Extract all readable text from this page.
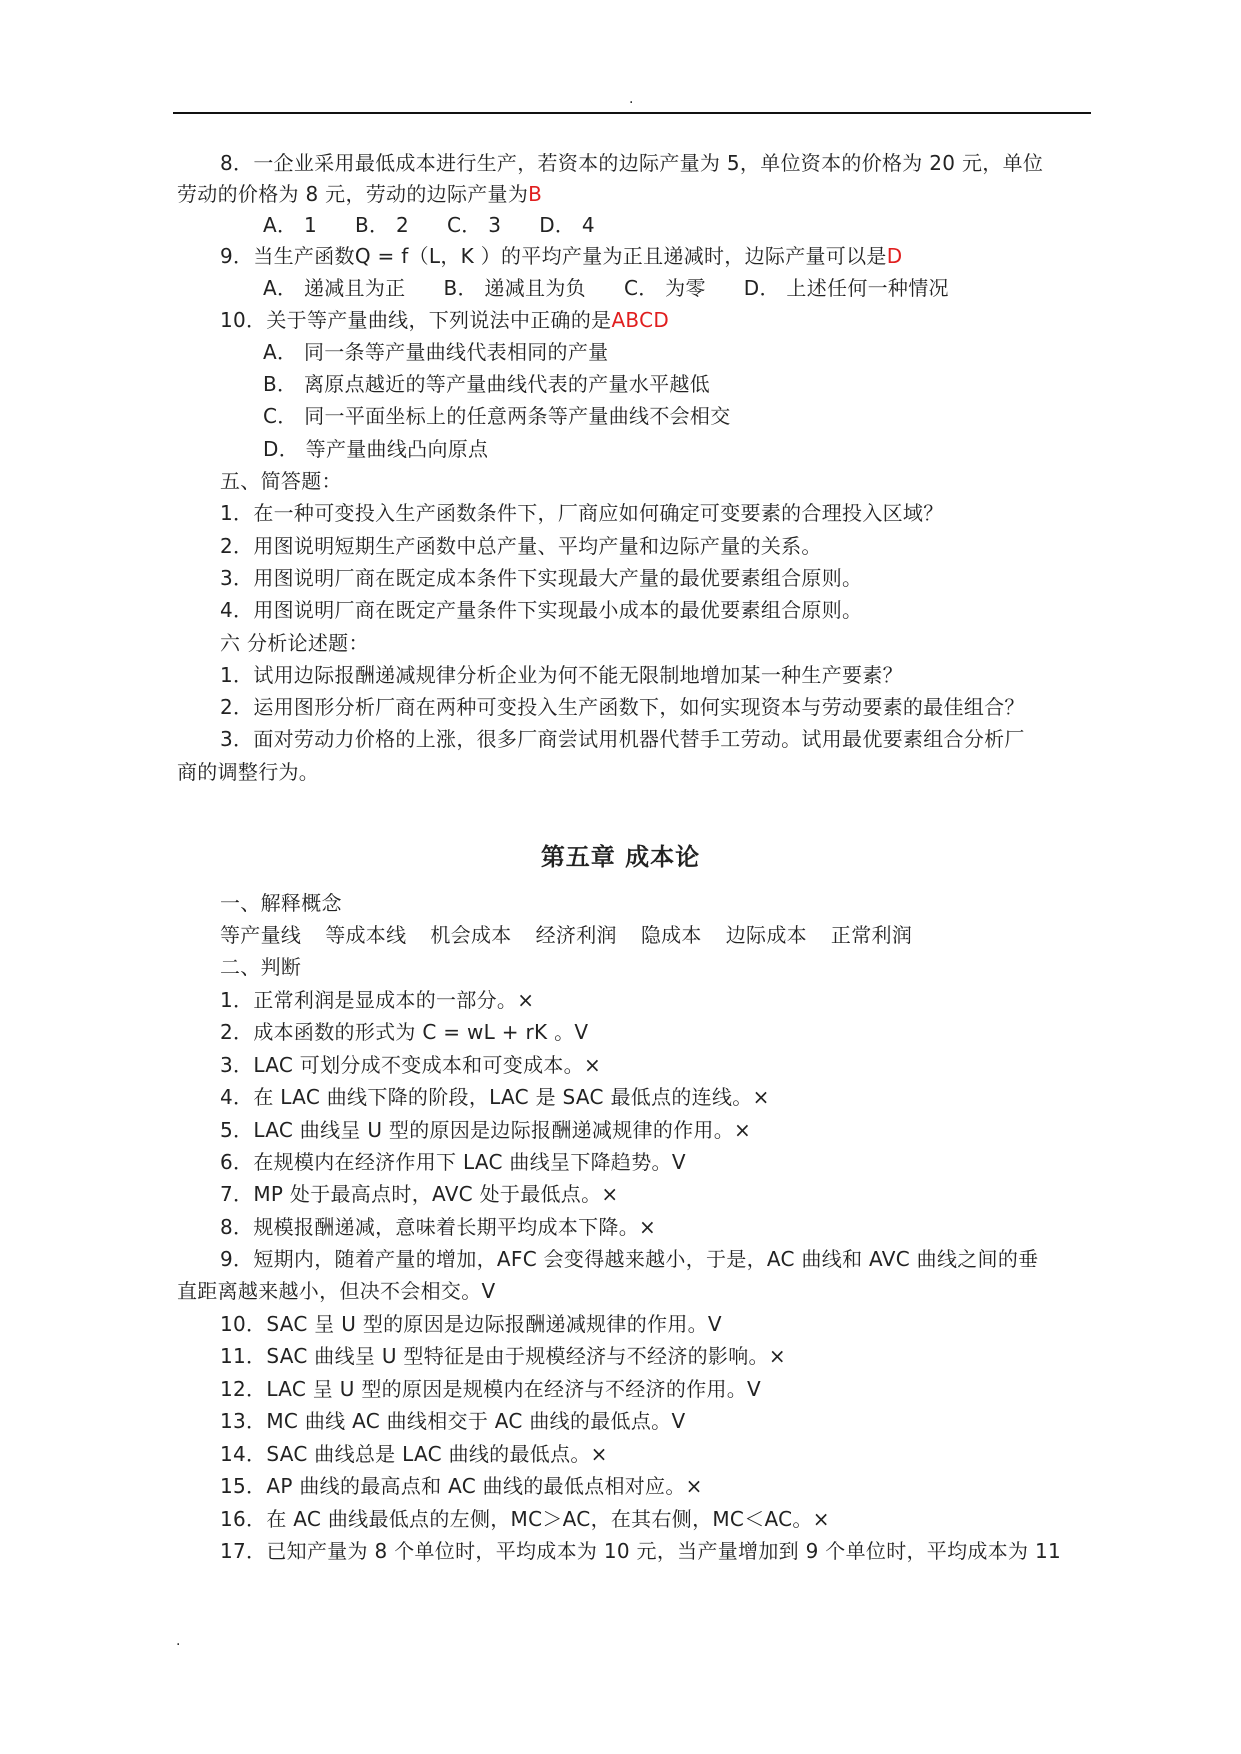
.
8．一企业采用最低成本进行生产，若资本的边际产量为 5，单位资本的价格为 20 元，单位
劳动的价格为 8 元，劳动的边际产量为B
A． 1 B． 2 C． 3 D． 4
9．当生产函数Q = f（L，K ）的平均产量为正且递减时，边际产量可以是D
A． 递减且为正 B． 递减且为负 C． 为零 D． 上述任何一种情况
10．关于等产量曲线，下列说法中正确的是ABCD
A． 同一条等产量曲线代表相同的产量
B． 离原点越近的等产量曲线代表的产量水平越低
C． 同一平面坐标上的任意两条等产量曲线不会相交
D． 等产量曲线凸向原点
五、简答题：
1．在一种可变投入生产函数条件下，厂商应如何确定可变要素的合理投入区域？
2．用图说明短期生产函数中总产量、平均产量和边际产量的关系。
3．用图说明厂商在既定成本条件下实现最大产量的最优要素组合原则。
4．用图说明厂商在既定产量条件下实现最小成本的最优要素组合原则。
六 分析论述题：
1．试用边际报酬递减规律分析企业为何不能无限制地增加某一种生产要素？
2．运用图形分析厂商在两种可变投入生产函数下，如何实现资本与劳动要素的最佳组合？
3．面对劳动力价格的上涨，很多厂商尝试用机器代替手工劳动。试用最优要素组合分析厂
商的调整行为。
第五章 成本论
一、解释概念
等产量线 等成本线 机会成本 经济利润 隐成本 边际成本 正常利润
二、判断
1．正常利润是显成本的一部分。×
2．成本函数的形式为 C = wL + rK 。V
3．LAC 可划分成不变成本和可变成本。×
4．在 LAC 曲线下降的阶段，LAC 是 SAC 最低点的连线。×
5．LAC 曲线呈 U 型的原因是边际报酬递减规律的作用。×
6．在规模内在经济作用下 LAC 曲线呈下降趋势。V
7．MP 处于最高点时，AVC 处于最低点。×
8．规模报酬递减，意味着长期平均成本下降。×
9．短期内，随着产量的增加，AFC 会变得越来越小，于是，AC 曲线和 AVC 曲线之间的垂
直距离越来越小，但决不会相交。V
10．SAC 呈 U 型的原因是边际报酬递减规律的作用。V
11．SAC 曲线呈 U 型特征是由于规模经济与不经济的影响。×
12．LAC 呈 U 型的原因是规模内在经济与不经济的作用。V
13．MC 曲线 AC 曲线相交于 AC 曲线的最低点。V
14．SAC 曲线总是 LAC 曲线的最低点。×
15．AP 曲线的最高点和 AC 曲线的最低点相对应。×
16．在 AC 曲线最低点的左侧，MC＞AC，在其右侧，MC＜AC。×
17．已知产量为 8 个单位时，平均成本为 10 元，当产量增加到 9 个单位时，平均成本为 11
.
